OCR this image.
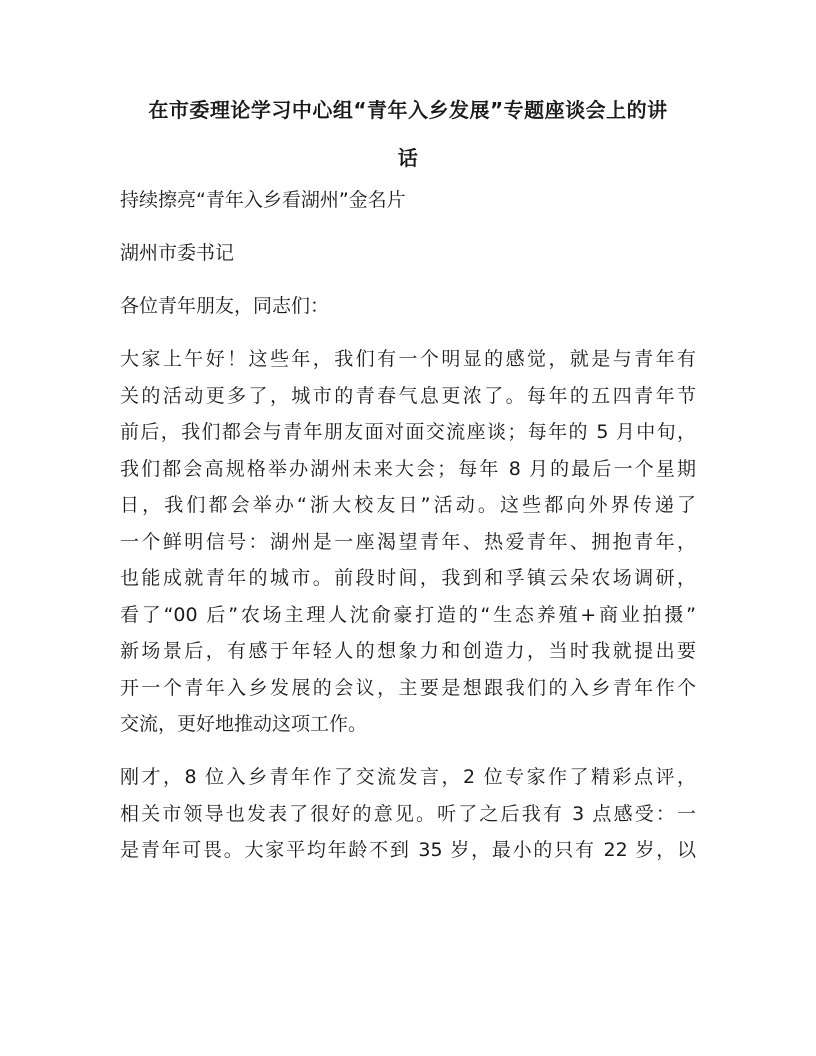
在市委理论学习中心组“青年入乡发展”专题座谈会上的讲
话
持续擦亮“青年入乡看湖州”金名片
湖州市委书记
各位青年朋友，同志们：
大家上午好！这些年，我们有一个明显的感觉，就是与青年有
关的活动更多了，城市的青春气息更浓了。每年的五四青年节
前后，我们都会与青年朋友面对面交流座谈；每年的 5 月中旬，
我们都会高规格举办湖州未来大会；每年 8 月的最后一个星期
日，我们都会举办“浙大校友日”活动。这些都向外界传递了
一个鲜明信号：湖州是一座渴望青年、热爱青年、拥抱青年，
也能成就青年的城市。前段时间，我到和孚镇云朵农场调研，
看了“00 后”农场主理人沈俞豪打造的“生态养殖+商业拍摄”
新场景后，有感于年轻人的想象力和创造力，当时我就提出要
开一个青年入乡发展的会议，主要是想跟我们的入乡青年作个
交流，更好地推动这项工作。
刚才，8 位入乡青年作了交流发言，2 位专家作了精彩点评，
相关市领导也发表了很好的意见。听了之后我有 3 点感受：一
是青年可畏。大家平均年龄不到 35 岁，最小的只有 22 岁，以
